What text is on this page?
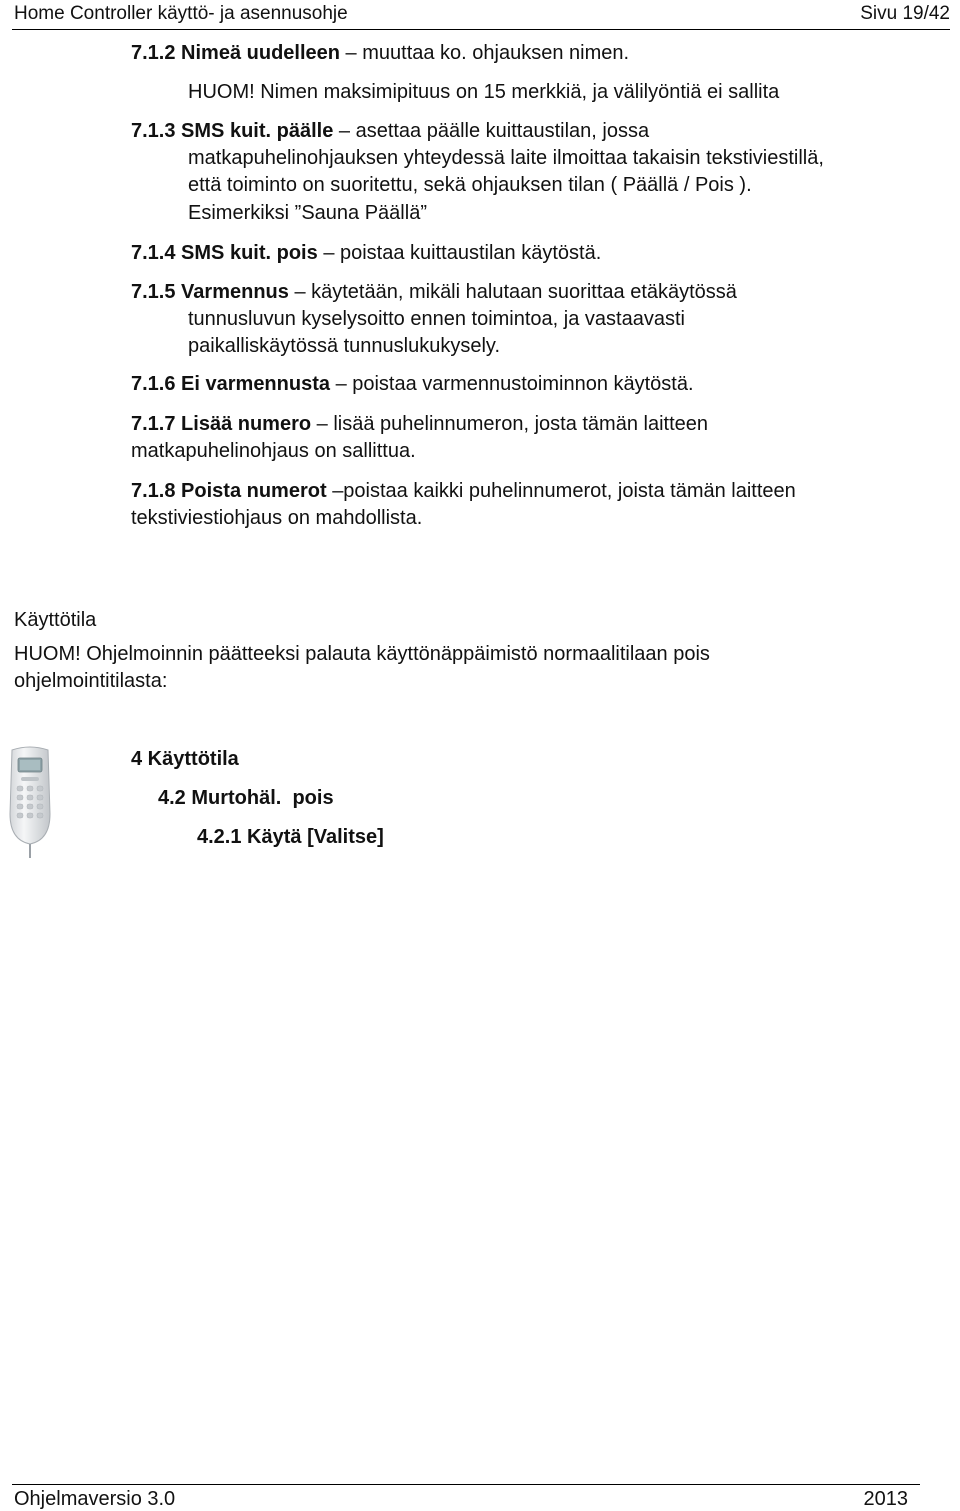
Home Controller käyttö- ja asennusohje	Sivu 19/42
7.1.2 Nimeä uudelleen – muuttaa ko. ohjauksen nimen.
HUOM! Nimen maksimipituus on 15 merkkiä, ja välilyöntiä ei sallita
7.1.3 SMS kuit. päälle – asettaa päälle kuittaustilan, jossa
matkapuhelinohjauksen yhteydessä laite ilmoittaa takaisin tekstiviestillä,
että toiminto on suoritettu, sekä ohjauksen tilan ( Päällä / Pois ).
Esimerkiksi ”Sauna Päällä”
7.1.4 SMS kuit. pois – poistaa kuittaustilan käytöstä.
7.1.5 Varmennus – käytetään, mikäli halutaan suorittaa etäkäytössä
tunnusluvun kyselysoitto ennen toimintoa, ja vastaavasti
paikalliskäytössä tunnuslukukysely.
7.1.6 Ei varmennusta – poistaa varmennustoiminnon käytöstä.
7.1.7 Lisää numero – lisää puhelinnumeron, josta tämän laitteen
matkapuhelinohjaus on sallittua.
7.1.8 Poista numerot –poistaa kaikki puhelinnumerot, joista tämän laitteen
tekstiviestiohjaus on mahdollista.
Käyttötila
HUOM! Ohjelmoinnin päätteeksi palauta käyttönäppäimistö normaalitilaan pois
ohjelmointitilasta:
4 Käyttötila
4.2 Murtohäl.  pois
4.2.1 Käytä [Valitse]
Ohjelmaversio 3.0	2013
